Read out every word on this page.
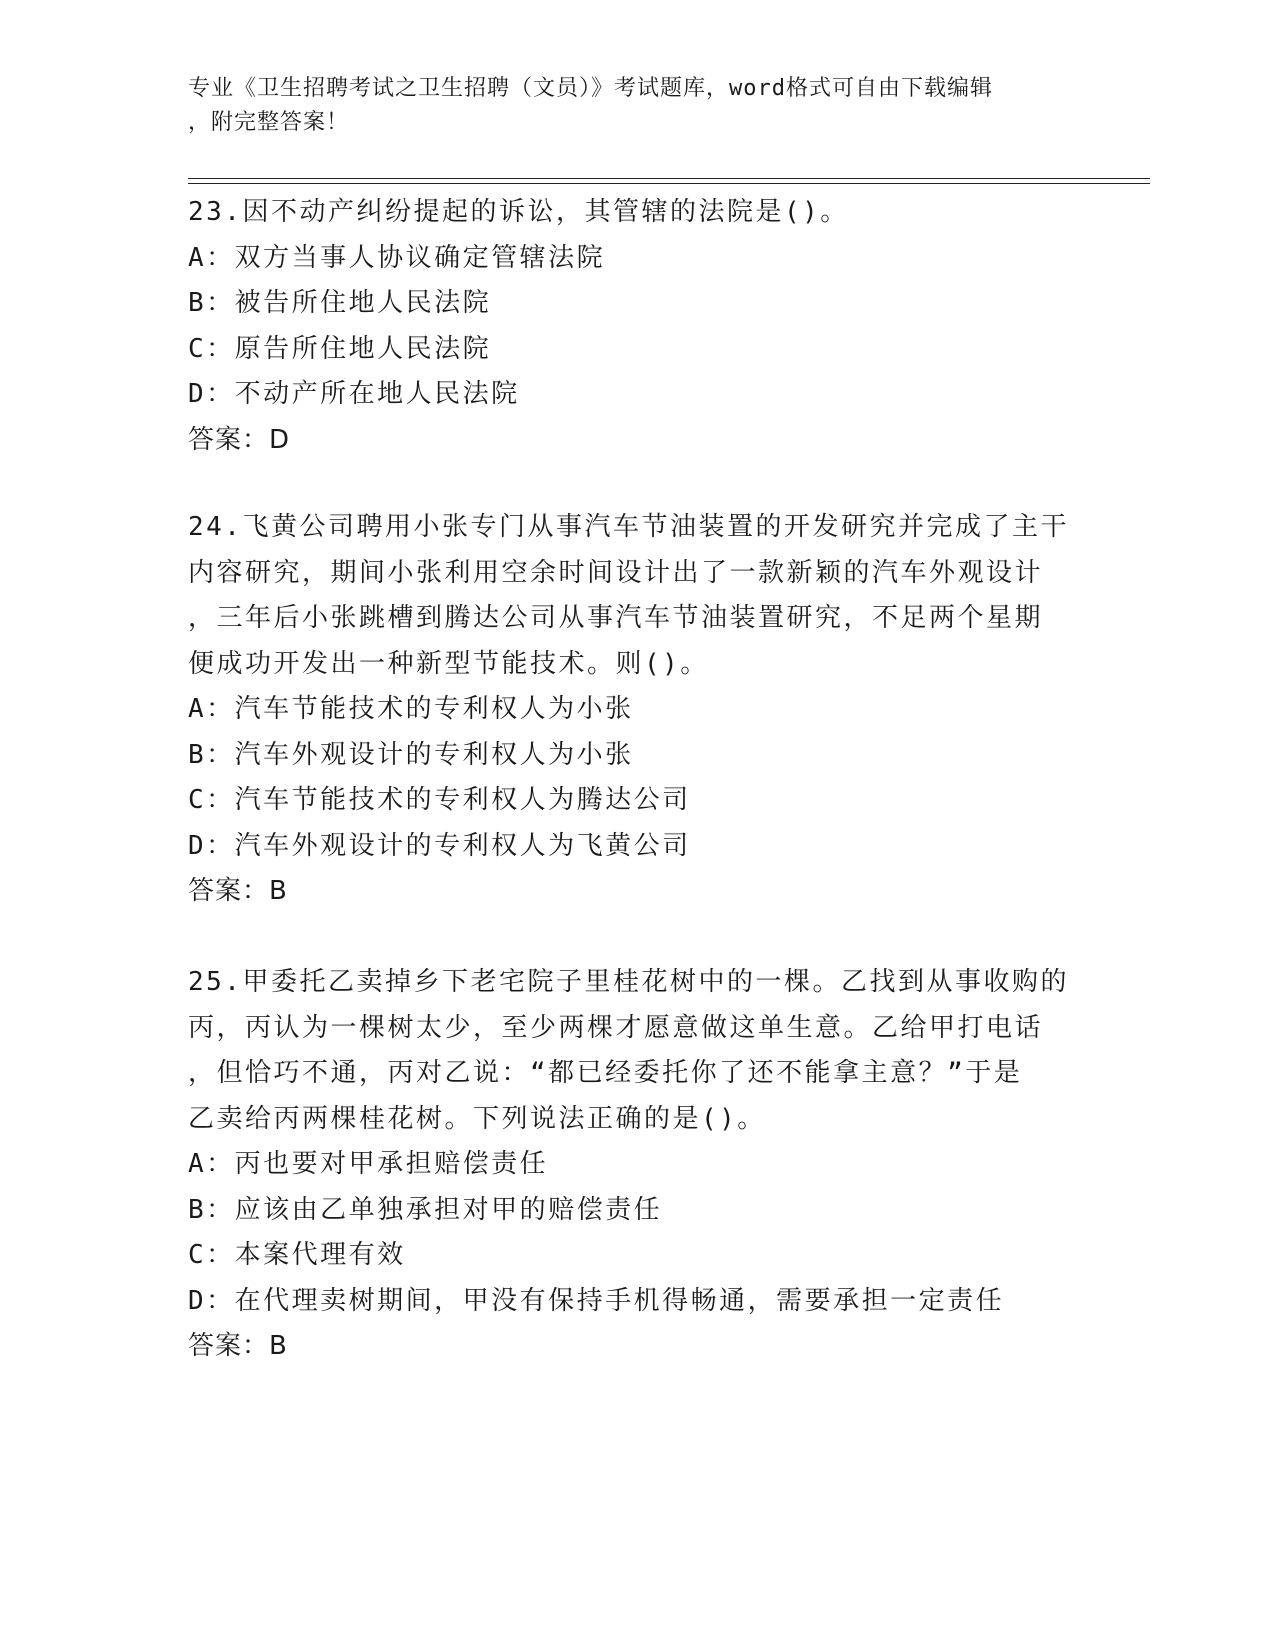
专业《卫生招聘考试之卫生招聘（文员）》考试题库，word格式可自由下载编辑
，附完整答案！

23.因不动产纠纷提起的诉讼，其管辖的法院是()。

A：双方当事人协议确定管辖法院

B：被告所住地人民法院

C：原告所住地人民法院

D：不动产所在地人民法院

答案：D

24.飞黄公司聘用小张专门从事汽车节油装置的开发研究并完成了主干

内容研究，期间小张利用空余时间设计出了一款新颖的汽车外观设计

，三年后小张跳槽到腾达公司从事汽车节油装置研究，不足两个星期

便成功开发出一种新型节能技术。则()。

A：汽车节能技术的专利权人为小张

B：汽车外观设计的专利权人为小张

C：汽车节能技术的专利权人为腾达公司

D：汽车外观设计的专利权人为飞黄公司

答案：B

25.甲委托乙卖掉乡下老宅院子里桂花树中的一棵。乙找到从事收购的

丙，丙认为一棵树太少，至少两棵才愿意做这单生意。乙给甲打电话

，但恰巧不通，丙对乙说：“都已经委托你了还不能拿主意？”于是

乙卖给丙两棵桂花树。下列说法正确的是()。

A：丙也要对甲承担赔偿责任

B：应该由乙单独承担对甲的赔偿责任

C：本案代理有效

D：在代理卖树期间，甲没有保持手机得畅通，需要承担一定责任

答案：B
